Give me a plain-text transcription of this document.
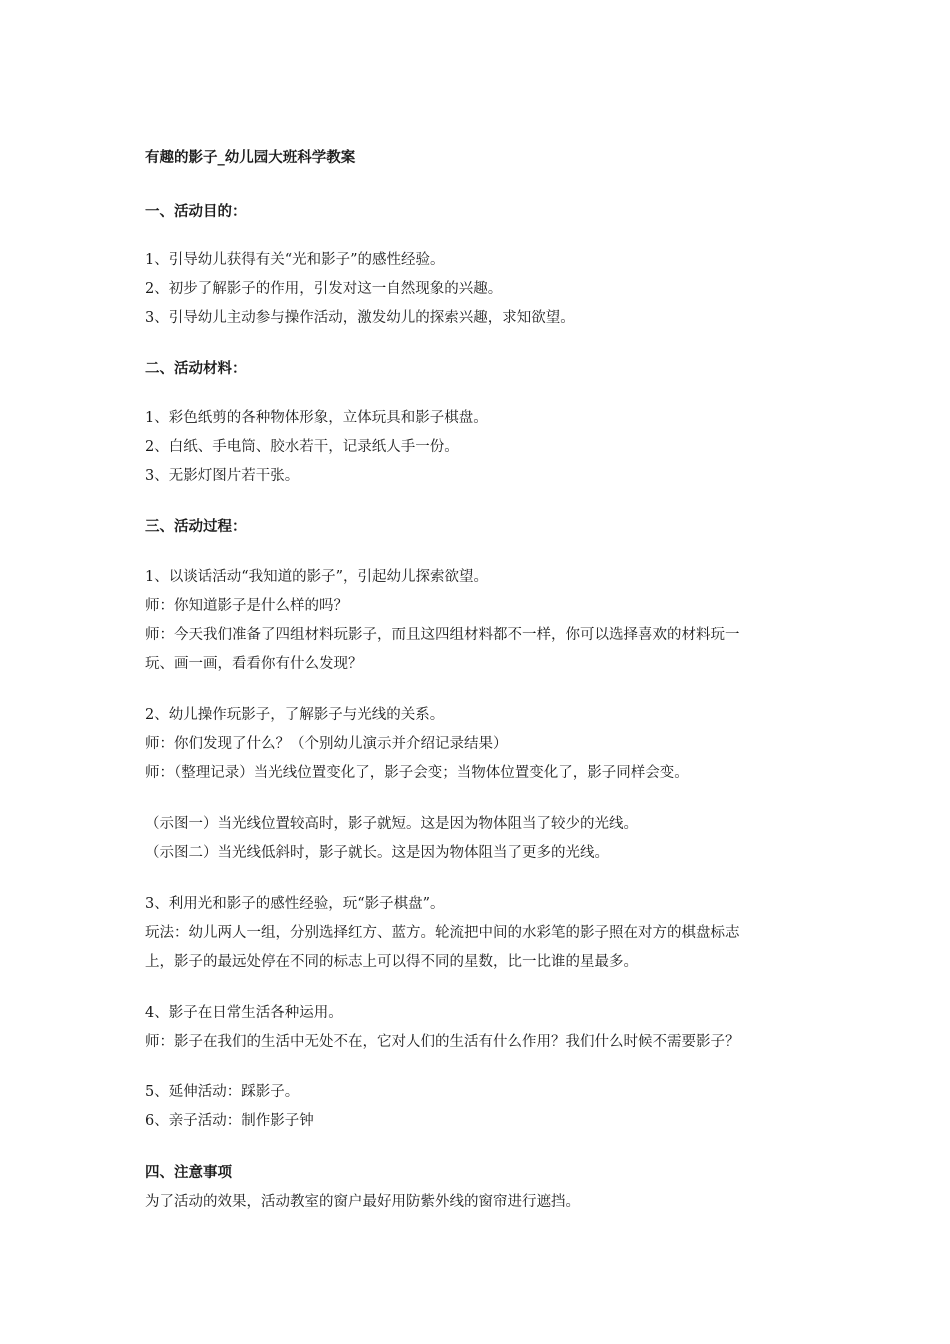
有趣的影子_幼儿园大班科学教案
一、活动目的：
1、引导幼儿获得有关“光和影子”的感性经验。
2、初步了解影子的作用，引发对这一自然现象的兴趣。
3、引导幼儿主动参与操作活动，激发幼儿的探索兴趣，求知欲望。
二、活动材料：
1、彩色纸剪的各种物体形象，立体玩具和影子棋盘。
2、白纸、手电筒、胶水若干，记录纸人手一份。
3、无影灯图片若干张。
三、活动过程：
1、以谈话活动“我知道的影子”，引起幼儿探索欲望。
师：你知道影子是什么样的吗？
师：今天我们准备了四组材料玩影子，而且这四组材料都不一样，你可以选择喜欢的材料玩一
玩、画一画，看看你有什么发现？
2、幼儿操作玩影子，了解影子与光线的关系。
师：你们发现了什么？（个别幼儿演示并介绍记录结果）
师：（整理记录）当光线位置变化了，影子会变；当物体位置变化了，影子同样会变。
（示图一）当光线位置较高时，影子就短。这是因为物体阻当了较少的光线。
（示图二）当光线低斜时，影子就长。这是因为物体阻当了更多的光线。
3、利用光和影子的感性经验，玩“影子棋盘”。
玩法：幼儿两人一组，分别选择红方、蓝方。轮流把中间的水彩笔的影子照在对方的棋盘标志
上，影子的最远处停在不同的标志上可以得不同的星数，比一比谁的星最多。
4、影子在日常生活各种运用。
师：影子在我们的生活中无处不在，它对人们的生活有什么作用？我们什么时候不需要影子？
5、延伸活动：踩影子。
6、亲子活动：制作影子钟
四、注意事项
为了活动的效果，活动教室的窗户最好用防紫外线的窗帘进行遮挡。
